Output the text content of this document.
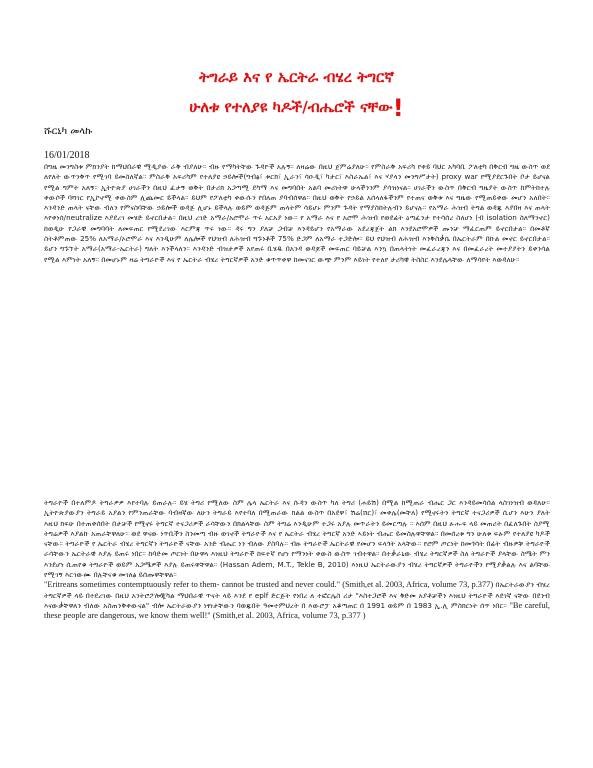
ትግራይ እና የ ኤርትራ ብሄረ ትግርኛ
ሁለቱ የተለያዩ ካዶች/ብሔሮች ናቸው!
ሹርኒካ መላኩ
16/01/2018
በግዜ መንግስቱ ምክንያት ከማህበራዊ ሚዲያው ራቅ ብያለሁ። ብዙ የማካትቸው ጉዳዮች አሉኝ። ለዛሬው በዚህ ጀምሬያለሁ። የምስራቅ አፍሪካ የቀይ ባህር አካባቢ ፖለቲካ በቅርብ ግዜ ውስጥ ወደ ለየለት ውጥንቅጥ የሚገባ ይመስለኛል። ምስራቅ አፍሪካም የተለያዩ ኃይሎች(ግብፅ፣ ቱርክ፣ ኢራን፣ ሳዑዲ፣ ካታር፣ እስራኤል፣ እና ሃያላን መንግሥታት) proxy war የሚያደርጉበት ቦታ ይሆናል የሚል ግምት አለኝ። ኢትዮጵያ ሀገራችን በዚህ ፈታኝ ወቅት በታሪክ አጋጣሚ ደካማ እና መግባበት አልባ መሪነትዋ ሁላችንንም ያሳዝነናል። ሀገራችን ውስጥ በቅርብ ግዜያት ውስጥ ከምትከተሉ ቀውሶች ባሻገር የኢኮኖሚ ቀውስም ሊጨመር ይችላል። ይህም የፖለቲካ ቀውሱን የበለጠ ያባብሰዋል። በዚህ ወቅት የኃይል አሰላለፋችንም የተጠና ወቅቱ እና ግዜው የሚጠይቀው መሆን አለበት። እንዳንድ ጠላት ናቸው ብለን የምናስባቸው ኃይሎች ወዳጅ ሊሆኑ ይችላሉ ወይም ወዳጅም ጠላትም ሳይሆኑ ምንም ጉዳት የማያስከትሉብን ይሆናሉ። የአማራ ሕዝብ ትግል ወዳጁ እያበዛ እና ጠላት እየቀነሰ/neutralize እያደረገ መሄድ ይኖርበታል። በዚህ ረገድ አማራ/አሮሞራ ጥሩ አርአያ ነው። የ አማራ እና የ አሮሞ ሕዝብ የወደፊት ዕጣፈንታ የተሳሰረ ስለሆነ (ብ isolation ስለማንኖር) ከወዲሁ የጋራዊ መግባባት ለመፍጠር የሚደረገው እርምጃ ጥሩ ነው። ዳሩ ግን ያለቻ ጋብቻ እንዳይሆን የአማራው አደረጃጀት ልክ እንደአሮሞዎች ጡንቻ ማፈርጠም ይኖርበታል። በመቶኛ ስትቶምጠው 25% ለአማራ/ኦሮሞራ እና እንዲሁም ለሌሎች የህዝብ ለሕዝብ ግኙነቶች 75% ድጋም ለአማራ ተጋድሎ። ይህ የህዝብ ለሕዝብ እንቅስቃሴ በኤርትራም በኩል መኖር ይኖርበታል። ይሆን ግኙኘት አማራ(አማራ-ኤርትራ) ግለት እንችላለን። እንዳንድ ብዝታዎች አየጠሩ ቢሄዱ በአንዳ ወዳጆች መፍጠር ባይቻል እንኳ በጠላትነት መፈራረጃን እና በመፈራረት መተያያትን ይቀንሳል የሚል እምነት አለኝ። በመሆኑም ዛሬ ትግራዮች እና የ ኤርትራ ብሄረ ትግርኛዎች አንድ ቁጥጥቀዋ ከመናገር ውጭ ምንም እይነት የተለየ ታሪካዊ ትስስር እንደሌላቸው ለማሳየት እወዳለሁ።
ትግራዮች በተለምዶ ትግራዎዎ እየተባሉ ይጠራሉ። ይሄ ትግሪ የሚለው ስም ሌላ ኤርትራ እና ሱዳን ውስጥ ካለ ትግሪ (ሐይሽ) በሚል ከሚጠራ ብሔር ጋር እንዳይመሳሰል ላስገነዝብ ወዳለሁ። ኢትዮጵያውያን ትግራይ አያልን የምንጠራቸው ባብዛኛው ለሁን ትግራይ እየተባለ በሚጠራው ክልል ውስጥ በአደዋ፣ ሽሬ(ሸር)፣ መቀሌ(መቸለ) የሚኖሩትን ትግርኛ ተናጋሪዎች ሲሆን እሁን ያለት እዚህ ክፍሁ በተጠቀሰበት በታቻች የሚኖሩ ትግርኛ ተናጋሪዎች ራሳቸውን በክልላቸው ስም ትግሬ እንዲሁም ተጋሩ አያሉ መጥራትን ይመርጣሉ ። እሰም በዚህ ፁሑፍ ላይ መጠሪት በፈለጉበት ስያሚ ትግሬዎች እያልኩ አጠራቸዋለሁ። ወደ ዋናው ነጥቢችን ስንመጣ ብዙ ወገኖች ትግራዮች እና የ ኤርትራ ብሄረ ትግርኛ አንድ ኣይነት ብሔር ይመስሉዋቸዋል። በመሰረቱ ግን ሁለቱ ፍፁም የተለያዩ ካዶች ናቸው። ትግራዮች የ ኤርትራ ብሄረ ትግርኛን ትግራዮች ናቸው አንድ ብሔር ነን ብለው ያስባሉ። ብዙ ትግራዮች ኤርትራዊ የመሆን ፍላጎት አላቸው። የሮም ጦርነት ከመጎሳት በፊት ብዙዎቹ ትግራዮች ራሳቸውን ኤርትራዊ እያሉ ይጠሩ ነበር። ከባድመ ጦርነት በሁዋላ እነዚህ ትግራዮች ከፍተኛ የሆነ የማንነት ቀውስ ውስጥ ገብተዋል። በተቃራኒው ብሄረ ትግርኛዎች ስለ ትግራዮች ያላቸው ስሜት ምን እንደሆነ ሲጠየቁ ትግራዮች ወይም አጋሜዎች እያሉ ይጠሩዋቸዋል። (Hassan Adem, M.T., Tekle B, 2010) እነዚህ ኤርትራውያን ብሄረ ትግርኛዎች ትግራዮችን የሚያቃልሉ እና ልባቸው የሚገኝ እርገውሙ በሉቸናቁ መገለፅ ይሰጡዋቸዋል።
"Eritreans sometimes contemptuously refer to them- cannot be trusted and never could." (Smith,et al. 2003, Africa, volume 73, p.377) በኤርትራውያን ብሄረ ትግርኛዎች ላይ በተደረገው በዚህ አንትሮፖሎጂካል ማህበራዊ ጥናት ላይ እንደ የ eplf ድርጅት የነበረ ለ ተፎርሌስ ሪታ "እስተጋሮች እና ቅድመ አያቶቻችን እነዚህ ትግራዮች እደገኛ ናቸው በደንብ እናውቃቸዋለን ብለው አስጠንቅቀውናል" ብሎ ኤርትራውያን ነፃነታቸውን ባወጁበት ዓመተምህረት በ እውሮፓ አቆጣጠር በ 1991 ወይም በ 1983 ኢ.ሊ ምስክርነት ሰጥ ነበር። "Be careful, these people are dangerous, we know them well!" (Smith,et al. 2003, Africa, volume 73, p.377 )
